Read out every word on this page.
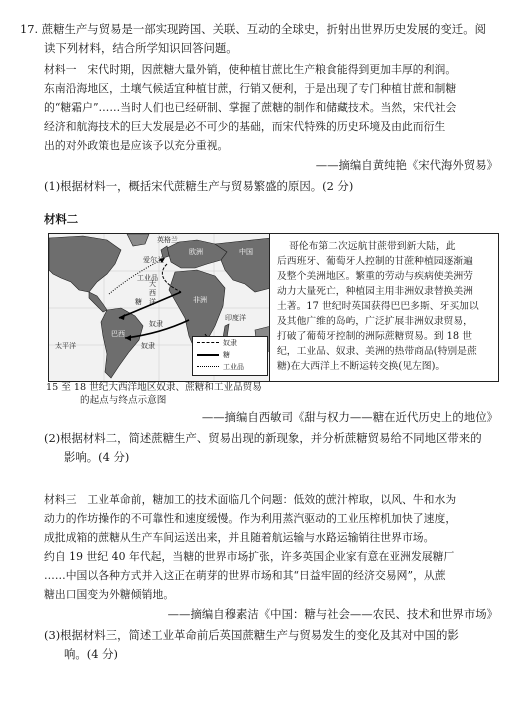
17. 蔗糖生产与贸易是一部实现跨国、关联、互动的全球史，折射出世界历史发展的变迁。阅
读下列材料，结合所学知识回答问题。
材料一　宋代时期，因蔗糖大量外销，使种植甘蔗比生产粮食能得到更加丰厚的利润。
东南沿海地区，土壤气候适宜种植甘蔗，行销又便利，于是出现了专门种植甘蔗和制糖
的“糖霜户”……当时人们也已经研制、掌握了蔗糖的制作和储藏技术。当然，宋代社会
经济和航海技术的巨大发展是必不可少的基础，而宋代特殊的历史环境及由此而衍生
出的对外政策也是应该予以充分重视。
——摘编自黄纯艳《宋代海外贸易》
(1)根据材料一，概括宋代蔗糖生产与贸易繁盛的原因。(2 分)
材料二
英格兰
中国
欧洲
爱尔兰
巴西
非洲
奴隶
奴隶
工业品
印度洋
太平洋
糖
大
西
洋
奴隶
糖
工业品
15 至 18 世纪大西洋地区奴隶、蔗糖和工业品贸易
的起点与终点示意图
哥伦布第二次远航甘蔗带到新大陆，此
后西班牙、葡萄牙人控制的甘蔗种植园逐渐遍
及整个美洲地区。繁重的劳动与疾病使美洲劳
动力大量死亡，种植园主用非洲奴隶替换美洲
土著。17 世纪时英国获得巴巴多斯、牙买加以
及其他广维的岛屿，广泛扩展非洲奴隶贸易，
打破了葡萄牙控制的洲际蔗糖贸易。到 18 世
纪，工业品、奴隶、美洲的热带商品(特别是蔗
糖)在大西洋上不断运转交换(见左图)。
——摘编自西敏司《甜与权力——糖在近代历史上的地位》
(2)根据材料二，简述蔗糖生产、贸易出现的新现象，并分析蔗糖贸易给不同地区带来的
影响。(4 分)
材料三　工业革命前，糖加工的技术面临几个问题：低效的蔗汁榨取，以风、牛和水为
动力的作坊操作的不可靠性和速度缓慢。作为利用蒸汽驱动的工业压榨机加快了速度，
成批成箱的蔗糖从生产车间运送出来，并且随着航运输与水路运输销往世界市场。
约自 19 世纪 40 年代起，当糖的世界市场扩张，许多英国企业家有意在亚洲发展糖厂
……中国以各种方式并入这正在萌芽的世界市场和其“日益牢固的经济交易网”，从蔗
糖出口国变为外糖倾销地。
——摘编自穆素洁《中国：糖与社会——农民、技术和世界市场》
(3)根据材料三，简述工业革命前后英国蔗糖生产与贸易发生的变化及其对中国的影
响。(4 分)
